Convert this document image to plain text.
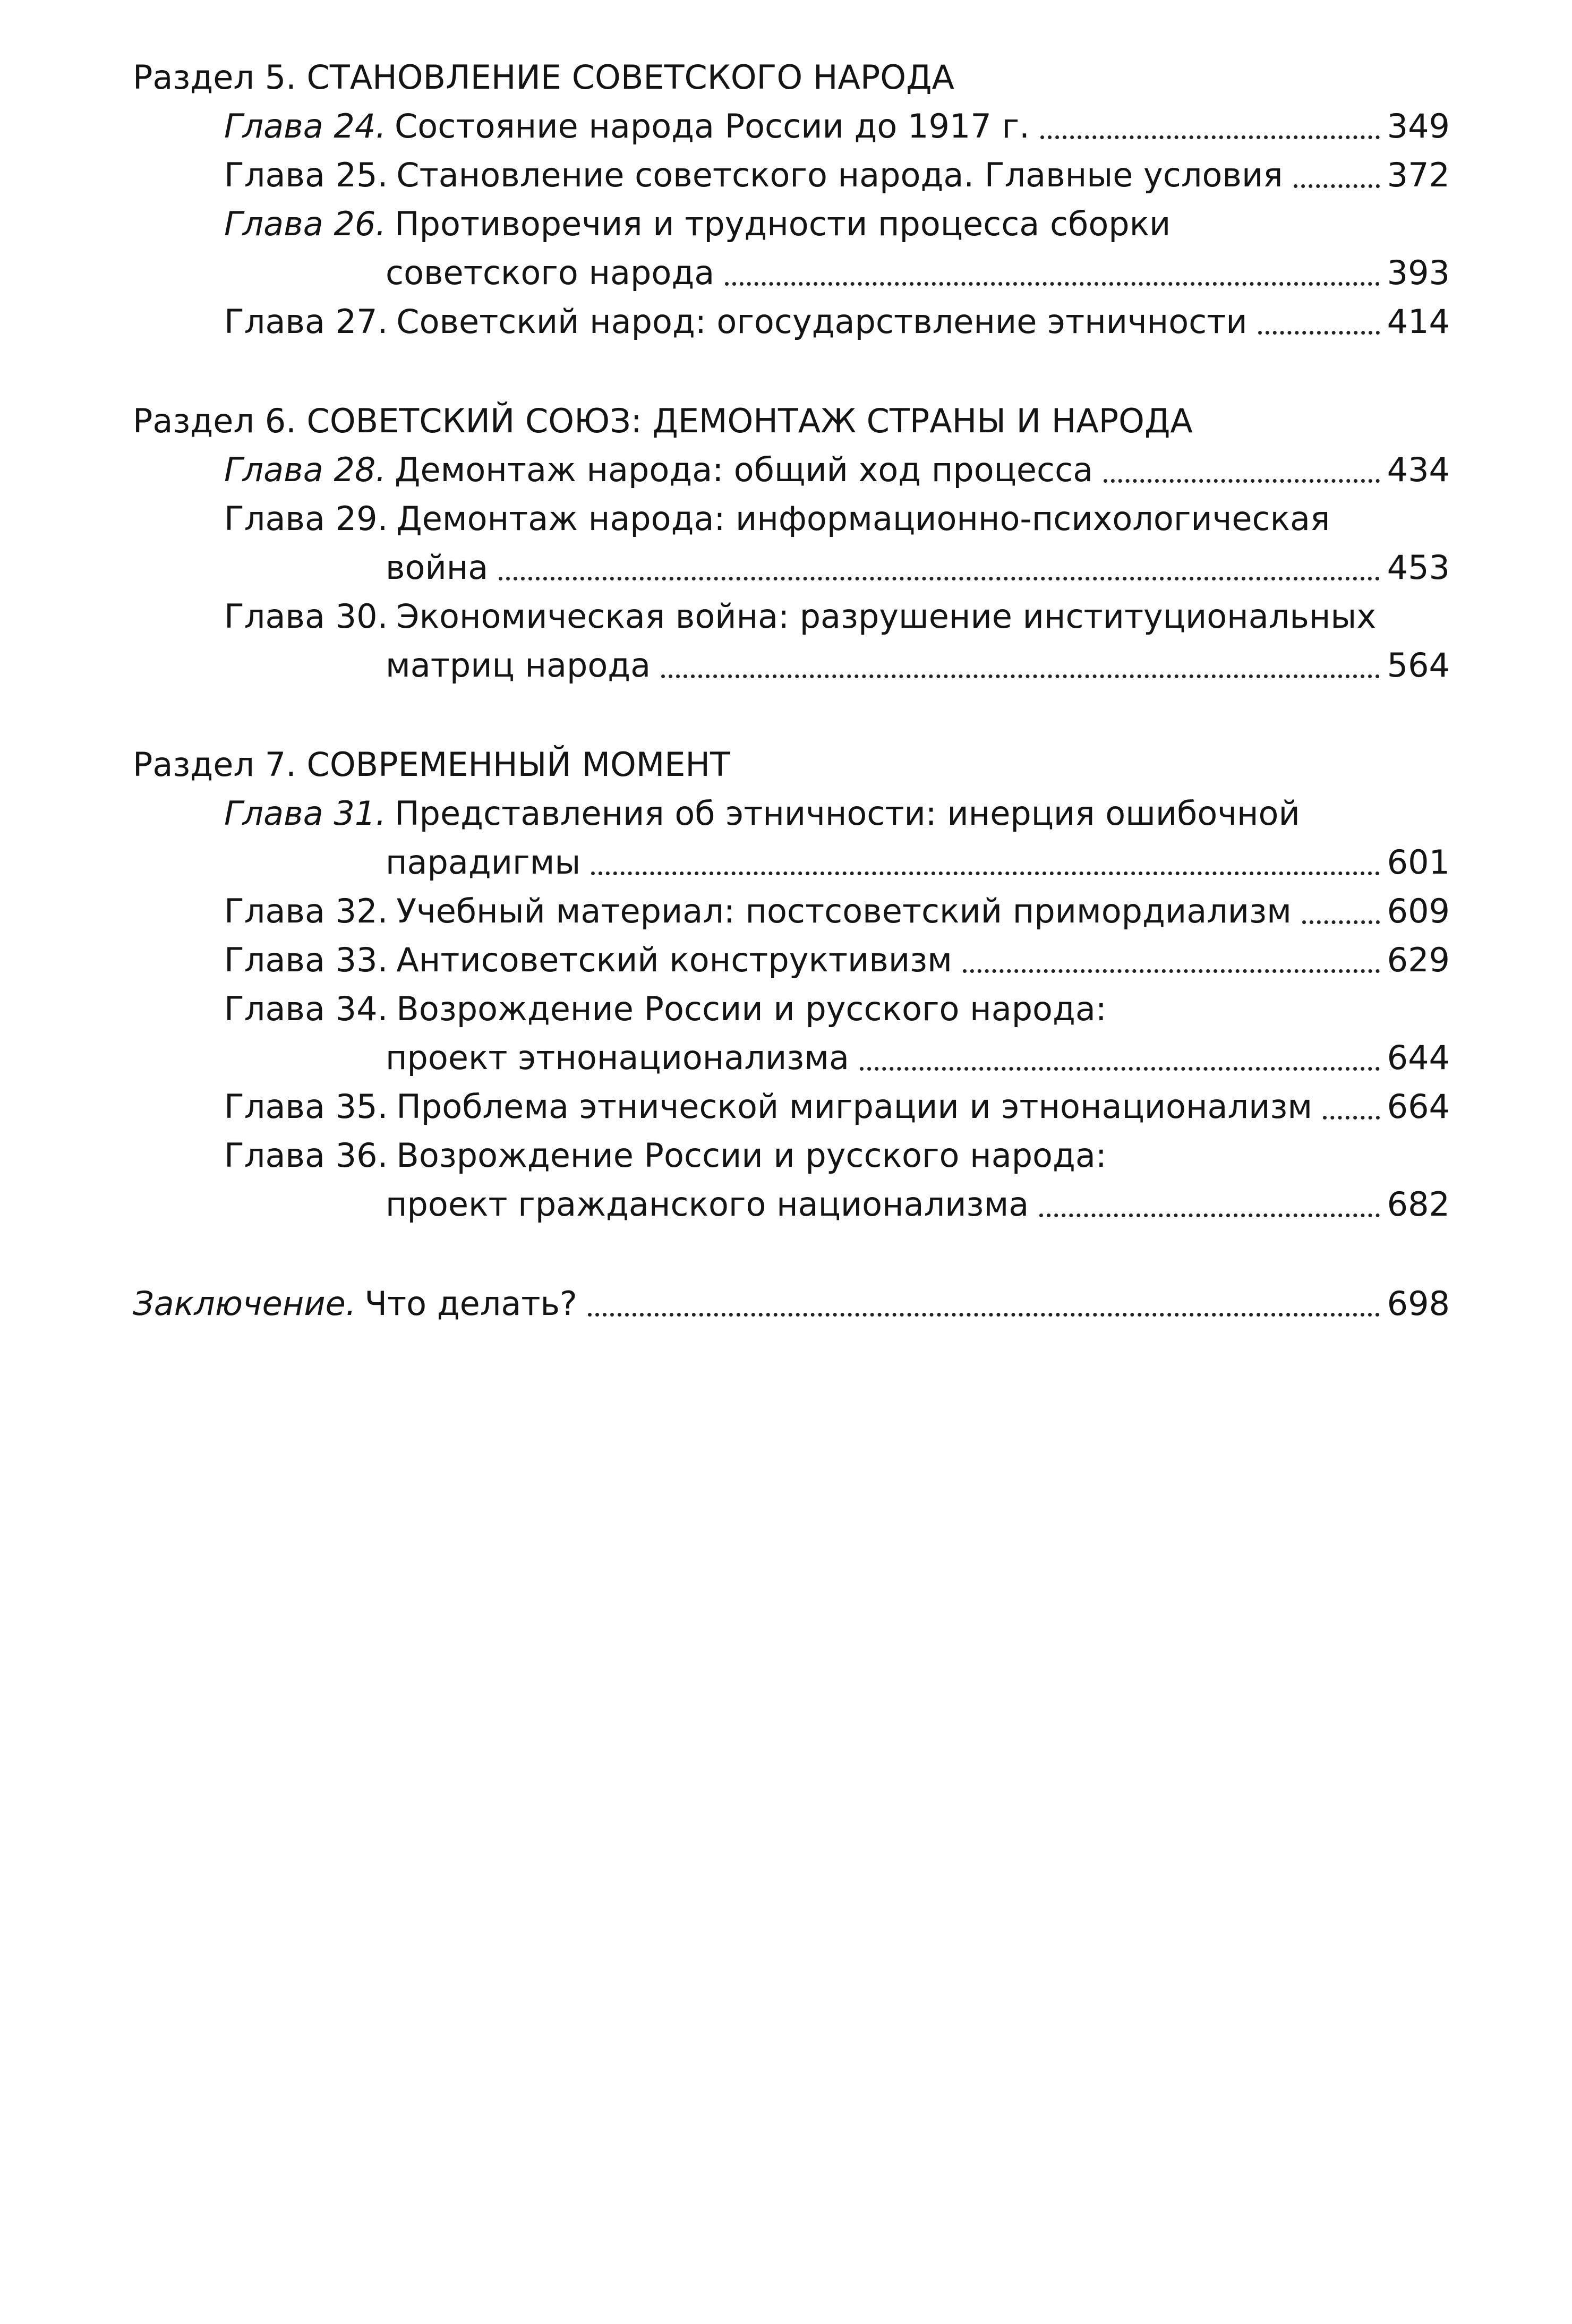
Раздел 5. СТАНОВЛЕНИЕ СОВЕТСКОГО НАРОДА
Глава 24. Состояние народа России до 1917 г.	349
Глава 25. Становление советского народа. Главные условия	372
Глава 26. Противоречия и трудности процесса сборки
советского народа	393
Глава 27. Советский народ: огосударствление этничности	414
Раздел 6. СОВЕТСКИЙ СОЮЗ: ДЕМОНТАЖ СТРАНЫ И НАРОДА
Глава 28. Демонтаж народа: общий ход процесса	434
Глава 29. Демонтаж народа: информационно-психологическая
война	453
Глава 30. Экономическая война: разрушение институциональных
матриц народа	564
Раздел 7. СОВРЕМЕННЫЙ МОМЕНТ
Глава 31. Представления об этничности: инерция ошибочной
парадигмы	601
Глава 32. Учебный материал: постсоветский примордиализм	609
Глава 33. Антисоветский конструктивизм	629
Глава 34. Возрождение России и русского народа:
проект этнонационализма	644
Глава 35. Проблема этнической миграции и этнонационализм 664
Глава 36. Возрождение России и русского народа:
проект гражданского национализма	682
Заключение. Что делать?	698
